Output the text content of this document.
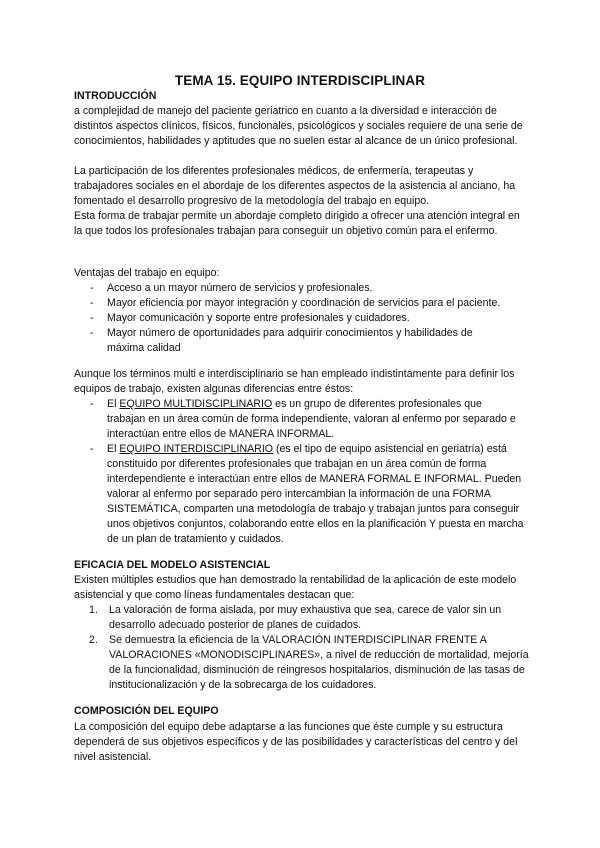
TEMA 15. EQUIPO INTERDISCIPLINAR
INTRODUCCIÓN

a complejidad de manejo del paciente geriatrico en cuanto a la diversidad e interacción de distintos aspectos clínicos, físicos, funcionales, psicológicos y sociales requiere de una serie de conocimientos, habilidades y aptitudes que no suelen estar al alcance de un único profesional.

La participación de los diferentes profesionales médicos, de enfermería, terapeutas y trabajadores sociales en el abordaje de los diferentes aspectos de la asistencia al anciano, ha fomentado el desarrollo progresivo de la metodología del trabajo en equipo.

Esta forma de trabajar permite un abordaje completo dirigido a ofrecer una atención integral en la que todos los profesionales trabajan para conseguir un objetivo común para el enfermo.

Ventajas del trabajo en equipo:

- Acceso a un mayor número de servicios y profesionales.
- Mayor eficiencia por mayor integración y coordinación de servicios para el paciente.
- Mayor comunicación y soporte entre profesionales y cuidadores.
- Mayor número de oportunidades para adquirir conocimientos y habilidades de máxima calidad

Aunque los términos multi e interdisciplinario se han empleado indistintamente para definir los equipos de trabajo, existen algunas diferencias entre éstos:

- El EQUIPO MULTIDISCIPLINARIO es un grupo de diferentes profesionales que trabajan en un área común de forma independiente, valoran al enfermo por separado e interactúan entre ellos de MANERA INFORMAL.
- El EQUIPO INTERDISCIPLINARIO (es el tipo de equipo asistencial en geriatría) está constituido por diferentes profesionales que trabajan en un área común de forma interdependiente e interactúan entre ellos de MANERA FORMAL E INFORMAL. Pueden valorar al enfermo por separado pero intercambian la información de una FORMA SISTEMÁTICA, comparten una metodología de trabajo y trabajan juntos para conseguir unos objetivos conjuntos, colaborando entre ellos en la planificación Y puesta en marcha de un plan de tratamiento y cuidados.
EFICACIA DEL MODELO ASISTENCIAL

Existen múltiples estudios que han demostrado la rentabilidad de la aplicación de este modelo asistencial y que como líneas fundamentales destacan que:

1. La valoración de forma aislada, por muy exhaustiva que sea, carece de valor sin un desarrollo adecuado posterior de planes de cuidados.
2. Se demuestra la eficiencia de la VALORACIÓN INTERDISCIPLINAR FRENTE A VALORACIONES «MONODISCIPLINARES», a nivel de reducción de mortalidad, mejoría de la funcionalidad, disminución de reingresos hospitalarios, disminución de las tasas de institucionalización y de la sobrecarga de los cuidadores.
COMPOSICIÓN DEL EQUIPO

La composición del equipo debe adaptarse a las funciones que éste cumple y su estructura dependerá de sus objetivos específicos y de las posibilidades y características del centro y del nivel asistencial.
